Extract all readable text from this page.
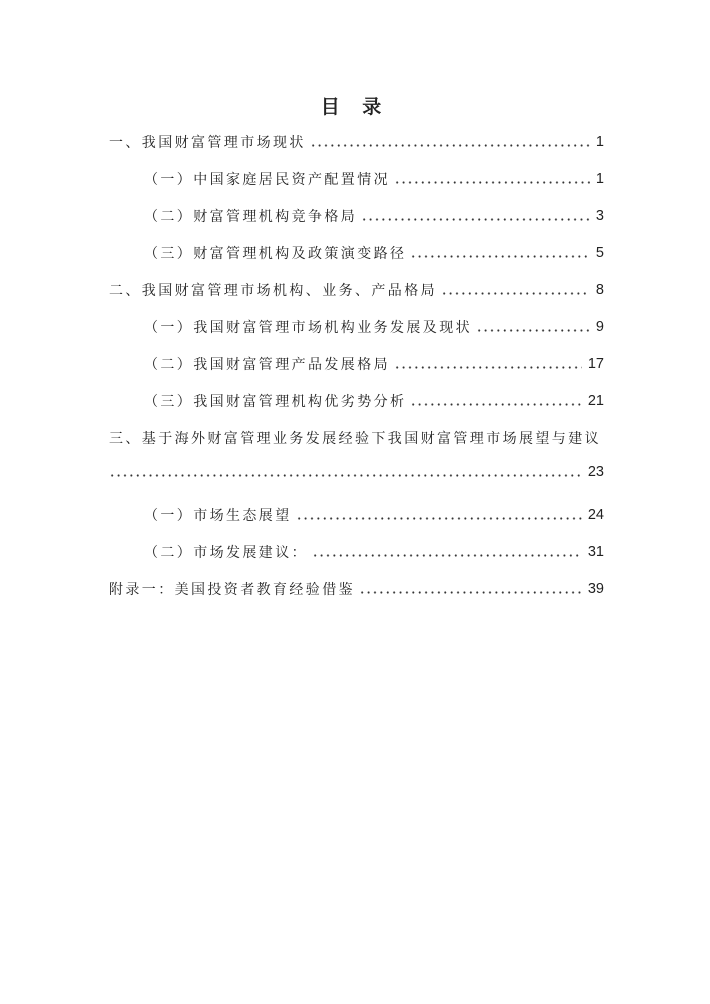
目 录
一、我国财富管理市场现状	1
（一）中国家庭居民资产配置情况	1
（二）财富管理机构竞争格局	3
（三）财富管理机构及政策演变路径	5
二、我国财富管理市场机构、业务、产品格局	8
（一）我国财富管理市场机构业务发展及现状	9
（二）我国财富管理产品发展格局	17
（三）我国财富管理机构优劣势分析	21
三、基于海外财富管理业务发展经验下我国财富管理市场展望与建议
23
（一）市场生态展望	24
（二）市场发展建议：	31
附录一：美国投资者教育经验借鉴	39
